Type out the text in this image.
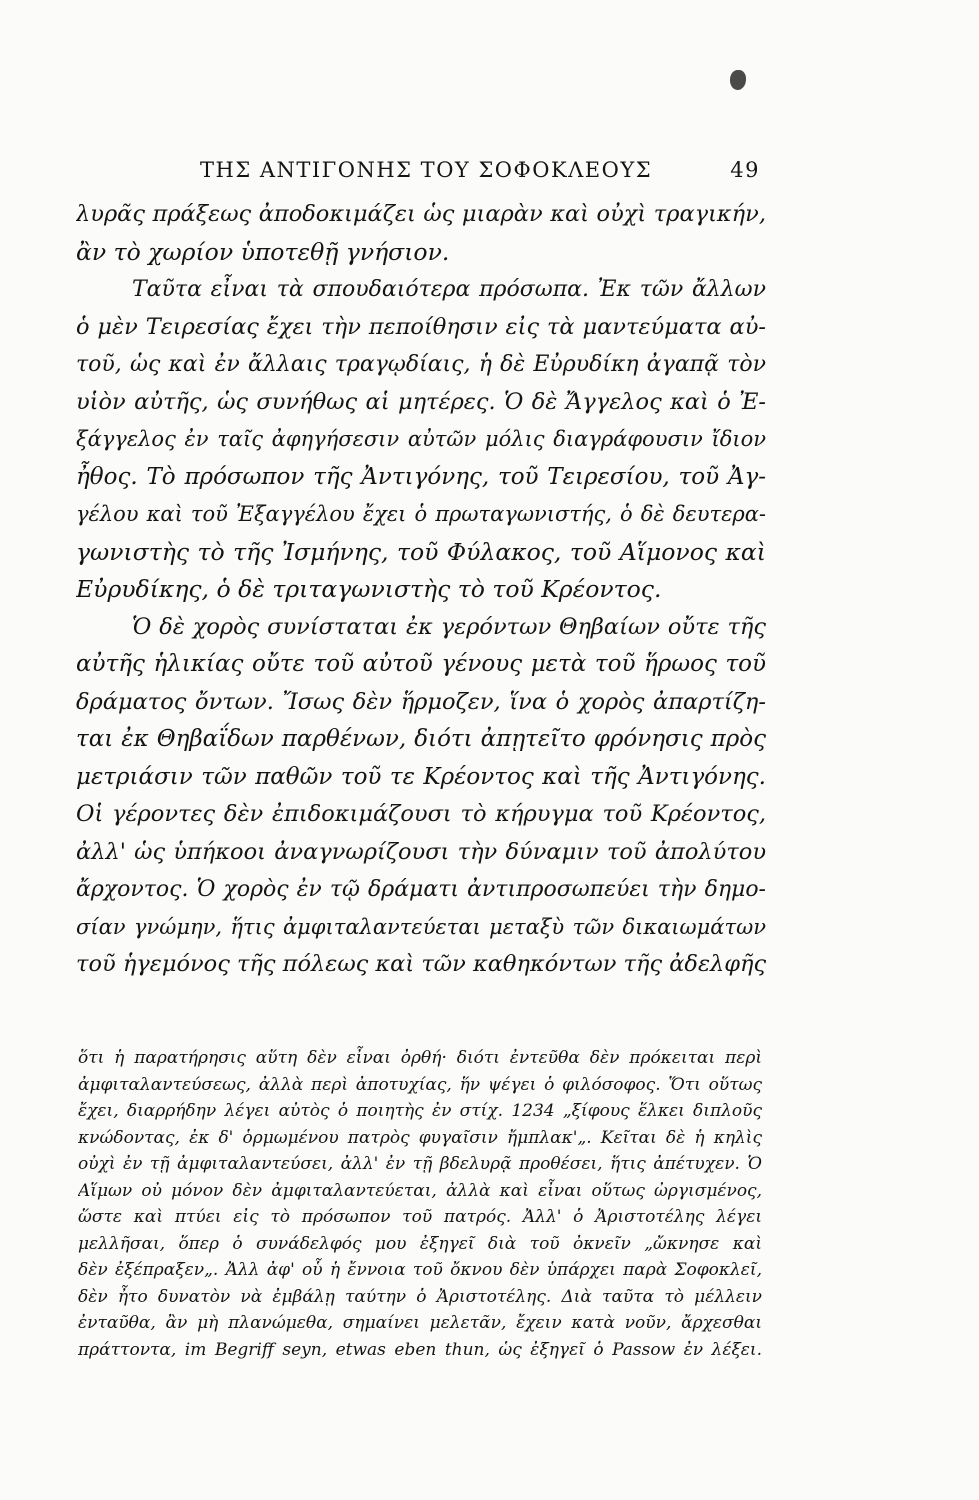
ΤΗΣ ΑΝΤΙΓΟΝΗΣ ΤΟΥ ΣΟΦΟΚΛΕΟΥΣ	49
λυρᾶς πράξεως ἀποδοκιμάζει ὡς μιαρὰν καὶ οὐχὶ τραγικήν,
ἂν τὸ χωρίον ὑποτεθῇ γνήσιον.
Ταῦτα εἶναι τὰ σπουδαιότερα πρόσωπα. Ἐκ τῶν ἄλλων
ὁ μὲν Τειρεσίας ἔχει τὴν πεποίθησιν εἰς τὰ μαντεύματα αὐ-
τοῦ, ὡς καὶ ἐν ἄλλαις τραγῳδίαις, ἡ δὲ Εὐρυδίκη ἀγαπᾷ τὸν
υἱὸν αὐτῆς, ὡς συνήθως αἱ μητέρες. Ὁ δὲ Ἄγγελος καὶ ὁ Ἐ-
ξάγγελος ἐν ταῖς ἀφηγήσεσιν αὐτῶν μόλις διαγράφουσιν ἴδιον
ἦθος. Τὸ πρόσωπον τῆς Ἀντιγόνης, τοῦ Τειρεσίου, τοῦ Ἀγ-
γέλου καὶ τοῦ Ἐξαγγέλου ἔχει ὁ πρωταγωνιστής, ὁ δὲ δευτερα-
γωνιστὴς τὸ τῆς Ἰσμήνης, τοῦ Φύλακος, τοῦ Αἵμονος καὶ
Εὐρυδίκης, ὁ δὲ τριταγωνιστὴς τὸ τοῦ Κρέοντος.
Ὁ δὲ χορὸς συνίσταται ἐκ γερόντων Θηβαίων οὔτε τῆς
αὐτῆς ἡλικίας οὔτε τοῦ αὐτοῦ γένους μετὰ τοῦ ἥρωος τοῦ
δράματος ὄντων. Ἴσως δὲν ἥρμοζεν, ἵνα ὁ χορὸς ἀπαρτίζη-
ται ἐκ Θηβαΐδων παρθένων, διότι ἀπῃτεῖτο φρόνησις πρὸς
μετριάσιν τῶν παθῶν τοῦ τε Κρέοντος καὶ τῆς Ἀντιγόνης.
Οἱ γέροντες δὲν ἐπιδοκιμάζουσι τὸ κήρυγμα τοῦ Κρέοντος,
ἀλλ' ὡς ὑπήκοοι ἀναγνωρίζουσι τὴν δύναμιν τοῦ ἀπολύτου
ἄρχοντος. Ὁ χορὸς ἐν τῷ δράματι ἀντιπροσωπεύει τὴν δημο-
σίαν γνώμην, ἥτις ἀμφιταλαντεύεται μεταξὺ τῶν δικαιωμάτων
τοῦ ἡγεμόνος τῆς πόλεως καὶ τῶν καθηκόντων τῆς ἀδελφῆς
ὅτι ἡ παρατήρησις αὕτη δὲν εἶναι ὀρθή· διότι ἐντεῦθα δὲν πρόκειται περὶ
ἀμφιταλαντεύσεως, ἀλλὰ περὶ ἀποτυχίας, ἥν ψέγει ὁ φιλόσοφος. Ὅτι οὕτως
ἔχει, διαρρήδην λέγει αὐτὸς ὁ ποιητὴς ἐν στίχ. 1234 „ξίφους ἕλκει διπλοῦς
κνώδοντας, ἐκ δ' ὁρμωμένου πατρὸς φυγαῖσιν ἤμπλακ'„. Κεῖται δὲ ἡ κηλὶς
οὐχὶ ἐν τῇ ἀμφιταλαντεύσει, ἀλλ' ἐν τῇ βδελυρᾷ προθέσει, ἥτις ἀπέτυχεν. Ὁ
Αἵμων οὐ μόνον δὲν ἀμφιταλαντεύεται, ἀλλὰ καὶ εἶναι οὕτως ὠργισμένος,
ὥστε καὶ πτύει εἰς τὸ πρόσωπον τοῦ πατρός. Ἀλλ' ὁ Ἀριστοτέλης λέγει
μελλῆσαι, ὅπερ ὁ συνάδελφός μου ἐξηγεῖ διὰ τοῦ ὀκνεῖν „ὤκνησε καὶ
δὲν ἐξέπραξεν„. Ἀλλ ἀφ' οὗ ἡ ἔννοια τοῦ ὄκνου δὲν ὑπάρχει παρὰ Σοφοκλεῖ,
δὲν ἦτο δυνατὸν νὰ ἐμβάλῃ ταύτην ὁ Ἀριστοτέλης. Διὰ ταῦτα τὸ μέλλειν
ἐνταῦθα, ἂν μὴ πλανώμεθα, σημαίνει μελετᾶν, ἔχειν κατὰ νοῦν, ἄρχεσθαι
πράττοντα, im Begriff seyn, etwas eben thun, ὡς ἐξηγεῖ ὁ Passow ἐν λέξει.
